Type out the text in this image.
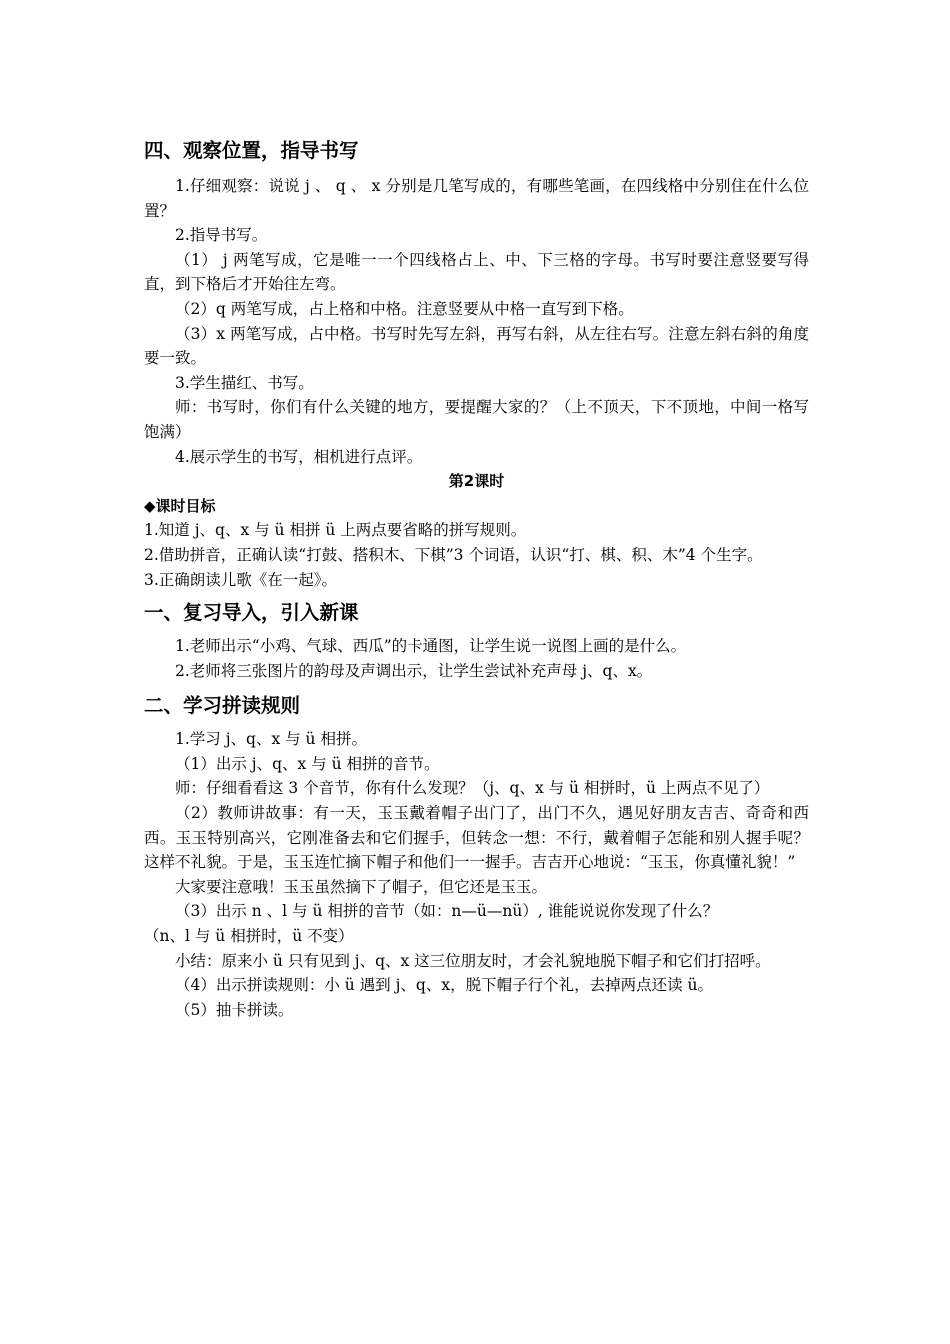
四、观察位置，指导书写

1.仔细观察：说说 j 、 q 、 x 分别是几笔写成的，有哪些笔画，在四线格中分别住在什么位置？

2.指导书写。

（1） j 两笔写成，它是唯一一个四线格占上、中、下三格的字母。书写时要注意竖要写得直，到下格后才开始往左弯。

（2）q 两笔写成，占上格和中格。注意竖要从中格一直写到下格。

（3）x 两笔写成，占中格。书写时先写左斜，再写右斜，从左往右写。注意左斜右斜的角度要一致。

3.学生描红、书写。

师：书写时，你们有什么关键的地方，要提醒大家的？（上不顶天，下不顶地，中间一格写饱满）

4.展示学生的书写，相机进行点评。

第2课时

◆课时目标

1.知道 j、q、x 与 ü 相拼 ü 上两点要省略的拼写规则。

2.借助拼音，正确认读“打鼓、搭积木、下棋”3 个词语，认识“打、棋、积、木”4 个生字。

3.正确朗读儿歌《在一起》。

一、复习导入，引入新课

1.老师出示“小鸡、气球、西瓜”的卡通图，让学生说一说图上画的是什么。

2.老师将三张图片的韵母及声调出示，让学生尝试补充声母 j、q、x。

二、学习拼读规则

1.学习 j、q、x 与 ü 相拼。

（1）出示 j、q、x 与 ü 相拼的音节。

师：仔细看看这 3 个音节，你有什么发现？（j、q、x 与 ü 相拼时，ü 上两点不见了）

（2）教师讲故事：有一天，玉玉戴着帽子出门了，出门不久，遇见好朋友吉吉、奇奇和西西。玉玉特别高兴，它刚准备去和它们握手，但转念一想：不行，戴着帽子怎能和别人握手呢？这样不礼貌。于是，玉玉连忙摘下帽子和他们一一握手。吉吉开心地说：“玉玉，你真懂礼貌！”

大家要注意哦！玉玉虽然摘下了帽子，但它还是玉玉。

（3）出示 n 、l 与 ü 相拼的音节（如：n—ü—nü）, 谁能说说你发现了什么？

（n、l 与 ü 相拼时，ü 不变）

小结：原来小 ü 只有见到 j、q、x 这三位朋友时，才会礼貌地脱下帽子和它们打招呼。

（4）出示拼读规则：小 ü 遇到 j、q、x，脱下帽子行个礼，去掉两点还读 ü。

（5）抽卡拼读。
